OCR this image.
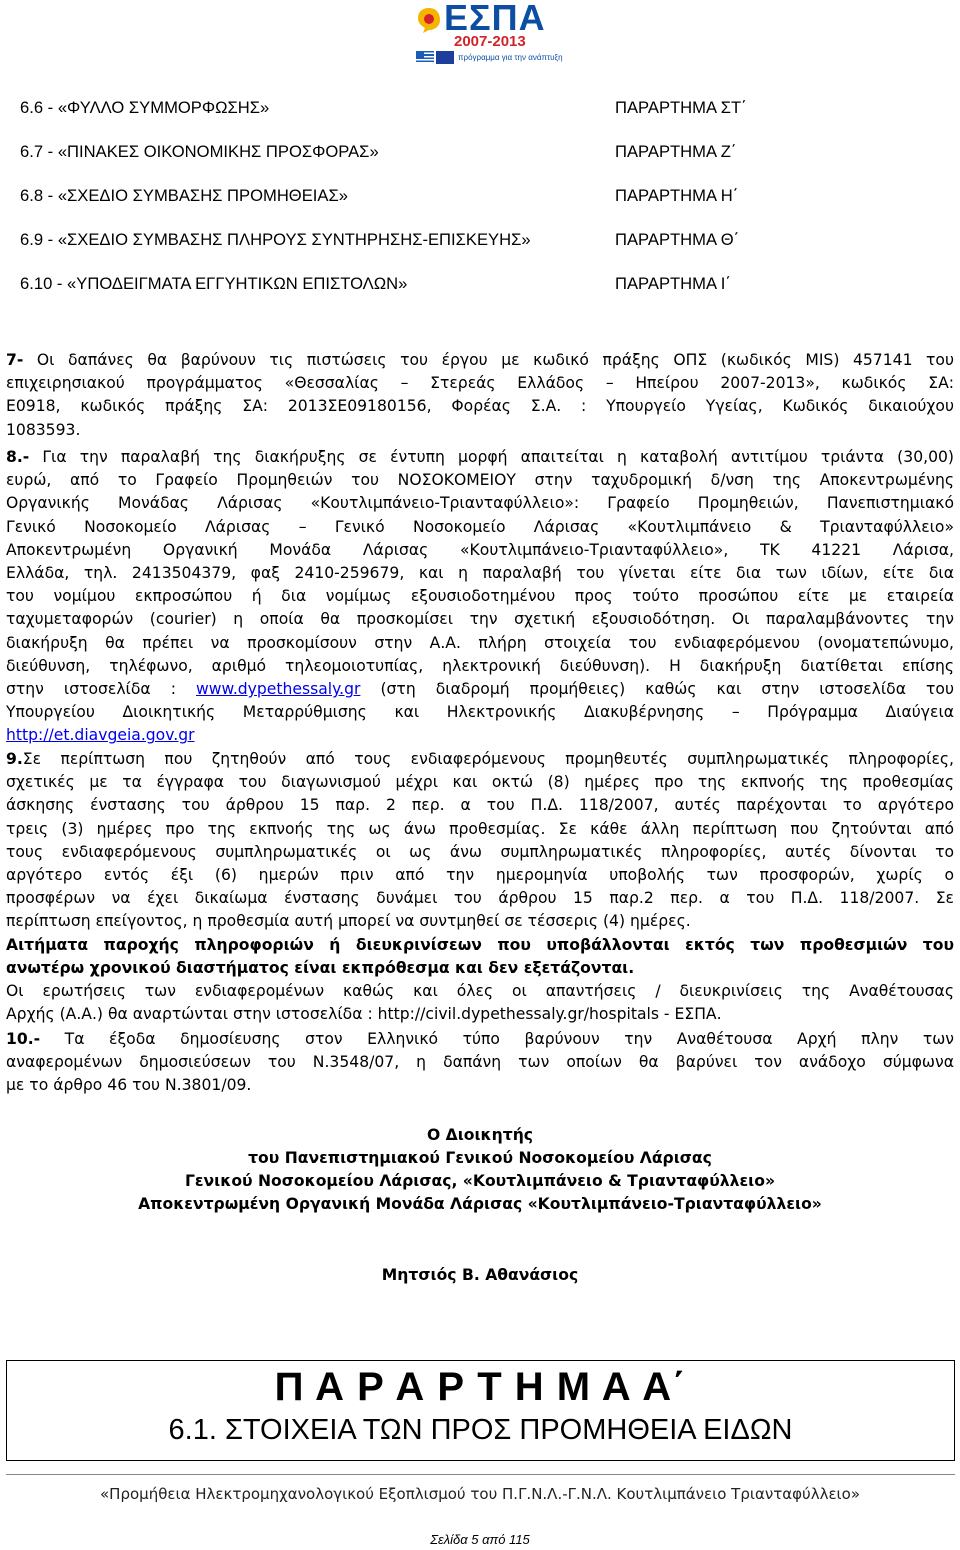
ΕΣΠΑ
2007-2013
πρόγραμμα για την ανάπτυξη
6.6 - «ΦΥΛΛΟ ΣΥΜΜΟΡΦΩΣΗΣ»	ΠΑΡΑΡΤΗΜΑ ΣΤ΄
6.7 - «ΠΙΝΑΚΕΣ ΟΙΚΟΝΟΜΙΚΗΣ ΠΡΟΣΦΟΡΑΣ»	ΠΑΡΑΡΤΗΜΑ Ζ΄
6.8 - «ΣΧΕΔΙΟ ΣΥΜΒΑΣΗΣ ΠΡΟΜΗΘΕΙΑΣ»	ΠΑΡΑΡΤΗΜΑ Η΄
6.9 - «ΣΧΕΔΙΟ ΣΥΜΒΑΣΗΣ ΠΛΗΡΟΥΣ ΣΥΝΤΗΡΗΣΗΣ-ΕΠΙΣΚΕΥΗΣ»	ΠΑΡΑΡΤΗΜΑ Θ΄
6.10 - «ΥΠΟΔΕΙΓΜΑΤΑ ΕΓΓΥΗΤΙΚΩΝ ΕΠΙΣΤΟΛΩΝ»	ΠΑΡΑΡΤΗΜΑ Ι΄
7- Οι δαπάνες θα βαρύνουν τις πιστώσεις του έργου με κωδικό πράξης ΟΠΣ (κωδικός MIS) 457141 του
επιχειρησιακού προγράμματος «Θεσσαλίας – Στερεάς Ελλάδος – Ηπείρου 2007-2013», κωδικός ΣΑ:
Ε0918, κωδικός πράξης ΣΑ: 2013ΣΕ09180156, Φορέας Σ.Α. : Υπουργείο Υγείας, Κωδικός δικαιούχου
1083593.
8.- Για την παραλαβή της διακήρυξης σε έντυπη μορφή απαιτείται η καταβολή αντιτίμου τριάντα (30,00)
ευρώ, από το Γραφείο Προμηθειών του ΝΟΣΟΚΟΜΕΙΟΥ στην ταχυδρομική δ/νση της Αποκεντρωμένης
Οργανικής Μονάδας Λάρισας «Κουτλιμπάνειο-Τριανταφύλλειο»: Γραφείο Προμηθειών, Πανεπιστημιακό
Γενικό Νοσοκομείο Λάρισας – Γενικό Νοσοκομείο Λάρισας «Κουτλιμπάνειο & Τριανταφύλλειο»
Αποκεντρωμένη Οργανική Μονάδα Λάρισας «Κουτλιμπάνειο-Τριανταφύλλειο», ΤΚ 41221 Λάρισα,
Ελλάδα, τηλ. 2413504379, φαξ 2410-259679, και η παραλαβή του γίνεται είτε δια των ιδίων, είτε δια
του νομίμου εκπροσώπου ή δια νομίμως εξουσιοδοτημένου προς τούτο προσώπου είτε με εταιρεία
ταχυμεταφορών (courier) η οποία θα προσκομίσει την σχετική εξουσιοδότηση. Οι παραλαμβάνοντες την
διακήρυξη θα πρέπει να προσκομίσουν στην Α.Α. πλήρη στοιχεία του ενδιαφερόμενου (ονοματεπώνυμο,
διεύθυνση, τηλέφωνο, αριθμό τηλεομοιοτυπίας, ηλεκτρονική διεύθυνση). Η διακήρυξη διατίθεται επίσης
στην ιστοσελίδα : www.dypethessaly.gr (στη διαδρομή προμήθειες) καθώς και στην ιστοσελίδα του
Υπουργείου Διοικητικής Μεταρρύθμισης και Ηλεκτρονικής Διακυβέρνησης – Πρόγραμμα Διαύγεια
http://et.diavgeia.gov.gr
9.Σε περίπτωση που ζητηθούν από τους ενδιαφερόμενους προμηθευτές συμπληρωματικές πληροφορίες,
σχετικές με τα έγγραφα του διαγωνισμού μέχρι και οκτώ (8) ημέρες προ της εκπνοής της προθεσμίας
άσκησης ένστασης του άρθρου 15 παρ. 2 περ. α του Π.Δ. 118/2007, αυτές παρέχονται το αργότερο
τρεις (3) ημέρες προ της εκπνοής της ως άνω προθεσμίας. Σε κάθε άλλη περίπτωση που ζητούνται από
τους ενδιαφερόμενους συμπληρωματικές οι ως άνω συμπληρωματικές πληροφορίες, αυτές δίνονται το
αργότερο εντός έξι (6) ημερών πριν από την ημερομηνία υποβολής των προσφορών, χωρίς ο
προσφέρων να έχει δικαίωμα ένστασης δυνάμει του άρθρου 15 παρ.2 περ. α του Π.Δ. 118/2007. Σε
περίπτωση επείγοντος, η προθεσμία αυτή μπορεί να συντμηθεί σε τέσσερις (4) ημέρες.
Αιτήματα παροχής πληροφοριών ή διευκρινίσεων που υποβάλλονται εκτός των προθεσμιών του
ανωτέρω χρονικού διαστήματος είναι εκπρόθεσμα και δεν εξετάζονται.
Οι ερωτήσεις των ενδιαφερομένων καθώς και όλες οι απαντήσεις / διευκρινίσεις της Αναθέτουσας
Αρχής (Α.Α.) θα αναρτώνται στην ιστοσελίδα : http://civil.dypethessaly.gr/hospitals - ΕΣΠΑ.
10.- Τα έξοδα δημοσίευσης στον Ελληνικό τύπο βαρύνουν την Αναθέτουσα Αρχή πλην των
αναφερομένων δημοσιεύσεων του Ν.3548/07, η δαπάνη των οποίων θα βαρύνει τον ανάδοχο σύμφωνα
με το άρθρο 46 του Ν.3801/09.
Ο Διοικητής
του Πανεπιστημιακού Γενικού Νοσοκομείου Λάρισας
Γενικού Νοσοκομείου Λάρισας, «Κουτλιμπάνειο & Τριανταφύλλειο»
Αποκεντρωμένη Οργανική Μονάδα Λάρισας «Κουτλιμπάνειο-Τριανταφύλλειο»
Μητσιός Β. Αθανάσιος
Π Α Ρ Α Ρ Τ Η Μ Α Α΄
6.1. ΣΤΟΙΧΕΙΑ ΤΩΝ ΠΡΟΣ ΠΡΟΜΗΘΕΙΑ ΕΙΔΩΝ
«Προμήθεια Ηλεκτρομηχανολογικού Εξοπλισμού του Π.Γ.Ν.Λ.-Γ.Ν.Λ. Κουτλιμπάνειο Τριανταφύλλειο»
Σελίδα 5 από 115
